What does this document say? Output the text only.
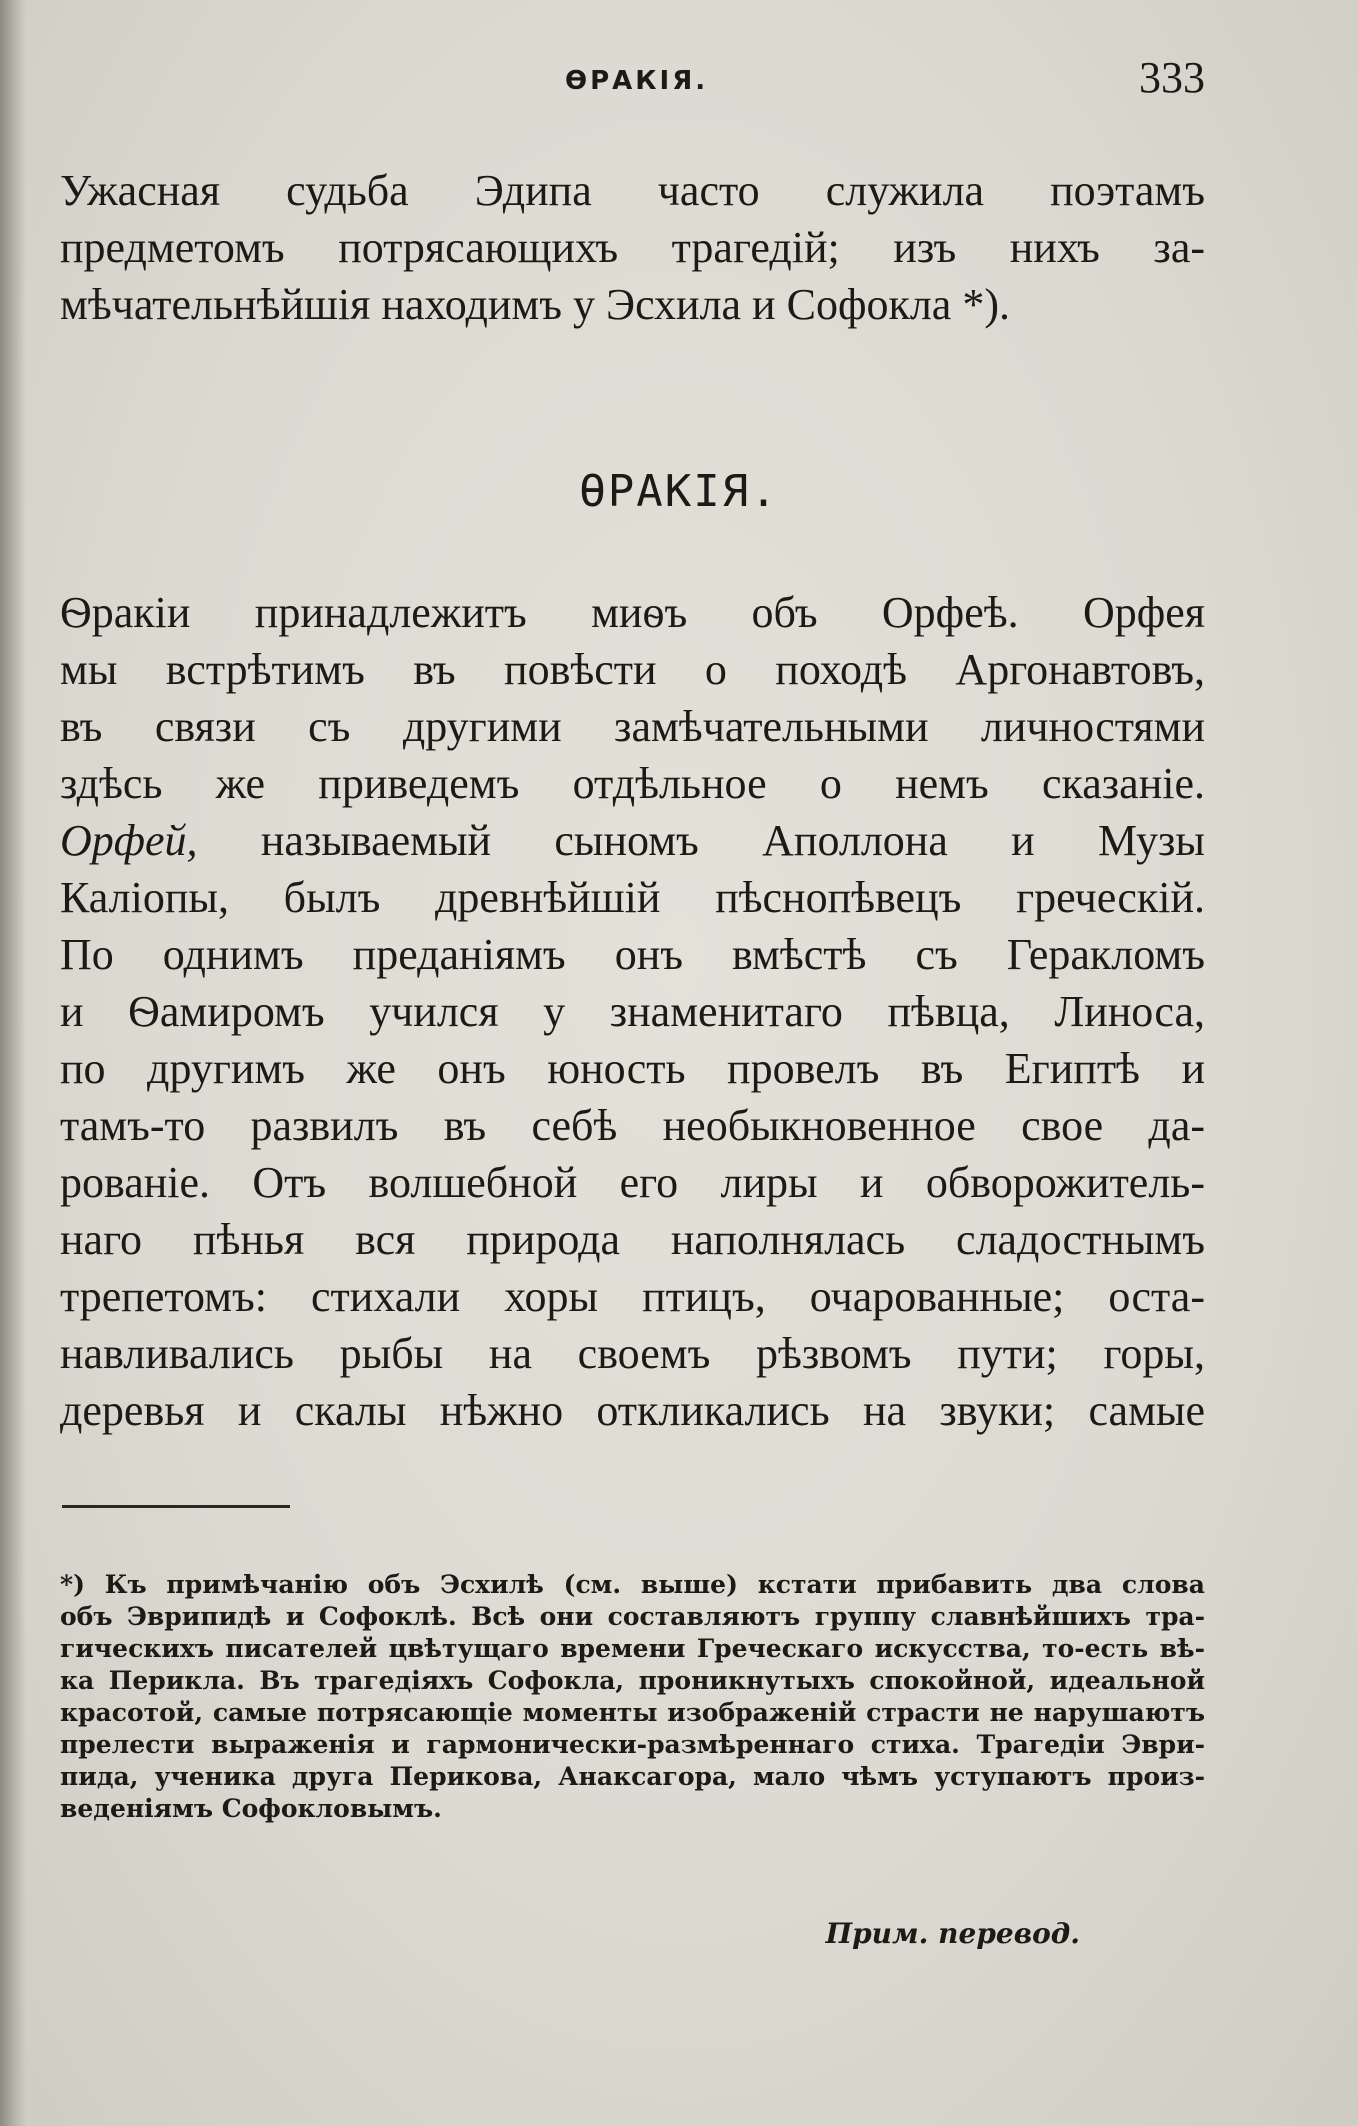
ѲРАКІЯ.	333
Ужасная судьба Эдипа часто служила поэтамъ
предметомъ потрясающихъ трагедій; изъ нихъ за-
мѣчательнѣйшія находимъ у Эсхила и Софокла *).
ѲРАКІЯ.
Ѳракіи принадлежитъ миѳъ объ Орфеѣ. Орфея
мы встрѣтимъ въ повѣсти о походѣ Аргонавтовъ,
въ связи съ другими замѣчательными личностями
здѣсь же приведемъ отдѣльное о немъ сказаніе.
Орфей, называемый сыномъ Аполлона и Музы
Каліопы, былъ древнѣйшій пѣснопѣвецъ греческій.
По однимъ преданіямъ онъ вмѣстѣ съ Геракломъ
и Ѳамиромъ учился у знаменитаго пѣвца, Линоса,
по другимъ же онъ юность провелъ въ Египтѣ и
тамъ-то развилъ въ себѣ необыкновенное свое да-
рованіе. Отъ волшебной его лиры и обворожитель-
наго пѣнья вся природа наполнялась сладостнымъ
трепетомъ: стихали хоры птицъ, очарованные; оста-
навливались рыбы на своемъ рѣзвомъ пути; горы,
деревья и скалы нѣжно откликались на звуки; самые
*) Къ примѣчанію объ Эсхилѣ (см. выше) кстати прибавить два слова
объ Эврипидѣ и Софоклѣ. Всѣ они составляютъ группу славнѣйшихъ тра-
гическихъ писателей цвѣтущаго времени Греческаго искусства, то-есть вѣ-
ка Перикла. Въ трагедіяхъ Софокла, проникнутыхъ спокойной, идеальной
красотой, самые потрясающіе моменты изображеній страсти не нарушаютъ
прелести выраженія и гармонически-размѣреннаго стиха. Трагедіи Эври-
пида, ученика друга Перикова, Анаксагора, мало чѣмъ уступаютъ произ-
веденіямъ Софокловымъ.
Прим. перевод.
